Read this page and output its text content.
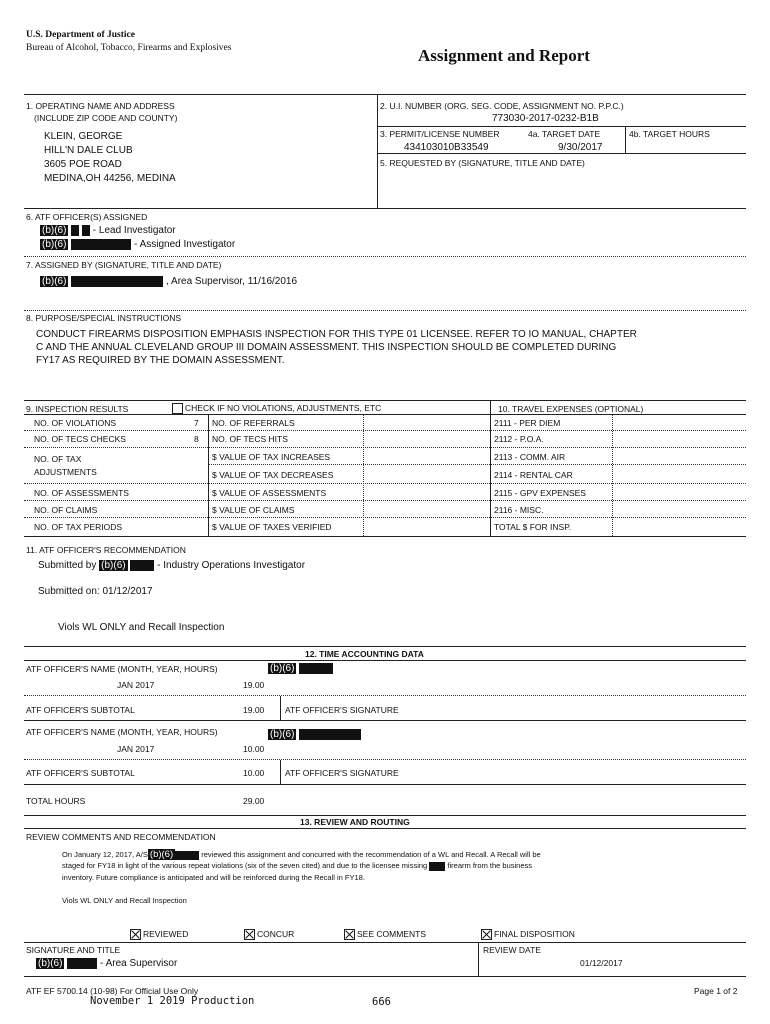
U.S. Department of Justice
Bureau of Alcohol, Tobacco, Firearms and Explosives	Assignment and Report
1. OPERATING NAME AND ADDRESS
(INCLUDE ZIP CODE AND COUNTY)
KLEIN, GEORGE
HILL'N DALE CLUB
3605 POE ROAD
MEDINA,OH 44256, MEDINA
2. U.I. NUMBER (ORG. SEG. CODE, ASSIGNMENT NO. P.P.C.)
773030-2017-0232-B1B
3. PERMIT/LICENSE NUMBER	4a. TARGET DATE	4b. TARGET HOURS
434103010B33549	9/30/2017
5. REQUESTED BY (SIGNATURE, TITLE AND DATE)
6. ATF OFFICER(S) ASSIGNED
(b)(6)	- Lead Investigator
(b)(6)	- Assigned Investigator
7. ASSIGNED BY (SIGNATURE, TITLE AND DATE)
(b)(6)	, Area Supervisor, 11/16/2016
8. PURPOSE/SPECIAL INSTRUCTIONS
CONDUCT FIREARMS DISPOSITION EMPHASIS INSPECTION FOR THIS TYPE 01 LICENSEE. REFER TO IO MANUAL, CHAPTER
C AND THE ANNUAL CLEVELAND GROUP III DOMAIN ASSESSMENT. THIS INSPECTION SHOULD BE COMPLETED DURING
FY17 AS REQUIRED BY THE DOMAIN ASSESSMENT.
9. INSPECTION RESULTS	CHECK IF NO VIOLATIONS, ADJUSTMENTS, ETC	10. TRAVEL EXPENSES (OPTIONAL)
NO. OF VIOLATIONS	7 NO. OF REFERRALS	2111 - PER DIEM
NO. OF TECS CHECKS	8 NO. OF TECS HITS	2112 - P.O.A.
NO. OF TAX
ADJUSTMENTS
$ VALUE OF TAX INCREASES	2113 - COMM. AIR
$ VALUE OF TAX DECREASES	2114 - RENTAL CAR
NO. OF ASSESSMENTS	$ VALUE OF ASSESSMENTS	2115 - GPV EXPENSES
NO. OF CLAIMS	$ VALUE OF CLAIMS	2116 - MISC.
NO. OF TAX PERIODS	$ VALUE OF TAXES VERIFIED	TOTAL $ FOR INSP.
11. ATF OFFICER'S RECOMMENDATION
Submitted by (b)(6)	- Industry Operations Investigator
Submitted on: 01/12/2017
Viols WL ONLY and Recall Inspection
12. TIME ACCOUNTING DATA
ATF OFFICER'S NAME (MONTH, YEAR, HOURS)	(b)(6)
JAN 2017	19.00
ATF OFFICER'S SUBTOTAL	19.00 ATF OFFICER'S SIGNATURE
ATF OFFICER'S NAME (MONTH, YEAR, HOURS)	(b)(6)
JAN 2017	10.00
ATF OFFICER'S SUBTOTAL	10.00 ATF OFFICER'S SIGNATURE
TOTAL HOURS	29.00
13. REVIEW AND ROUTING
REVIEW COMMENTS AND RECOMMENDATION
On January 12, 2017, A/S (b)(6)	reviewed this assignment and concurred with the recommendation of a WL and Recall. A Recall will be
staged for FY18 in light of the various repeat violations (six of the seven cited) and due to the licensee missing	firearm from the business
inventory. Future compliance is anticipated and will be reinforced during the Recall in FY18.
Viols WL ONLY and Recall Inspection
REVIEWED	CONCUR	SEE COMMENTS	FINAL DISPOSITION
SIGNATURE AND TITLE
(b)(6)	- Area Supervisor
REVIEW DATE
01/12/2017
ATF EF 5700.14 (10-98) For Official Use Only
November 1 2019 Production	666
Page 1 of 2
